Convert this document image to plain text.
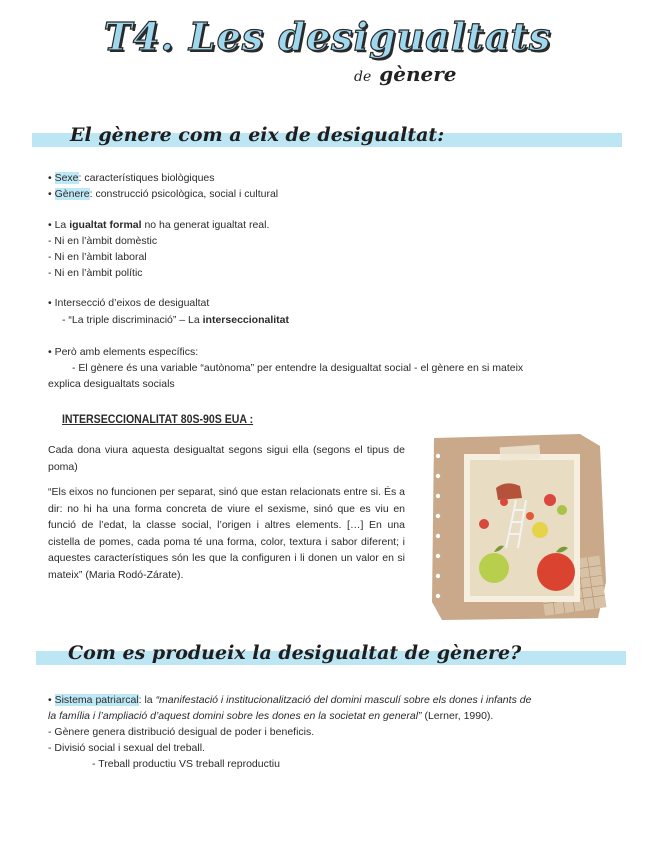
T4. Les desigualtats
de gènere
El gènere com a eix de desigualtat:
• Sexe: característiques biològiques
• Gènere: construcció psicològica, social i cultural
• La igualtat formal no ha generat igualtat real.
- Ni en l’àmbit domèstic
- Ni en l’àmbit laboral
- Ni en l’àmbit polític
• Intersecció d’eixos de desigualtat
- “La triple discriminació” – La interseccionalitat
• Però amb elements específics:
- El gènere és una variable “autònoma” per entendre la desigualtat social - el gènere en si mateix
explica desigualtats socials
INTERSECCIONALITAT 80S-90S EUA :
Cada dona viura aquesta desigualtat segons sigui ella (segons el tipus de poma)
“Els eixos no funcionen per separat, sinó que estan relacionats entre si. És a dir: no hi ha una forma concreta de viure el sexisme, sinó que es viu en funció de l’edat, la classe social, l’origen i altres elements. […] En una cistella de pomes, cada poma té una forma, color, textura i sabor diferent; i aquestes característiques són les que la configuren i li donen un valor en si mateix” (Maria Rodó-Zárate).
Com es produeix la desigualtat de gènere?
• Sistema patriarcal: la “manifestació i institucionalització del domini masculí sobre els dones i infants de
la família i l’ampliació d’aquest domini sobre les dones en la societat en general” (Lerner, 1990).
- Gènere genera distribució desigual de poder i beneficis.
- Divisió social i sexual del treball.
- Treball productiu VS treball reproductiu
